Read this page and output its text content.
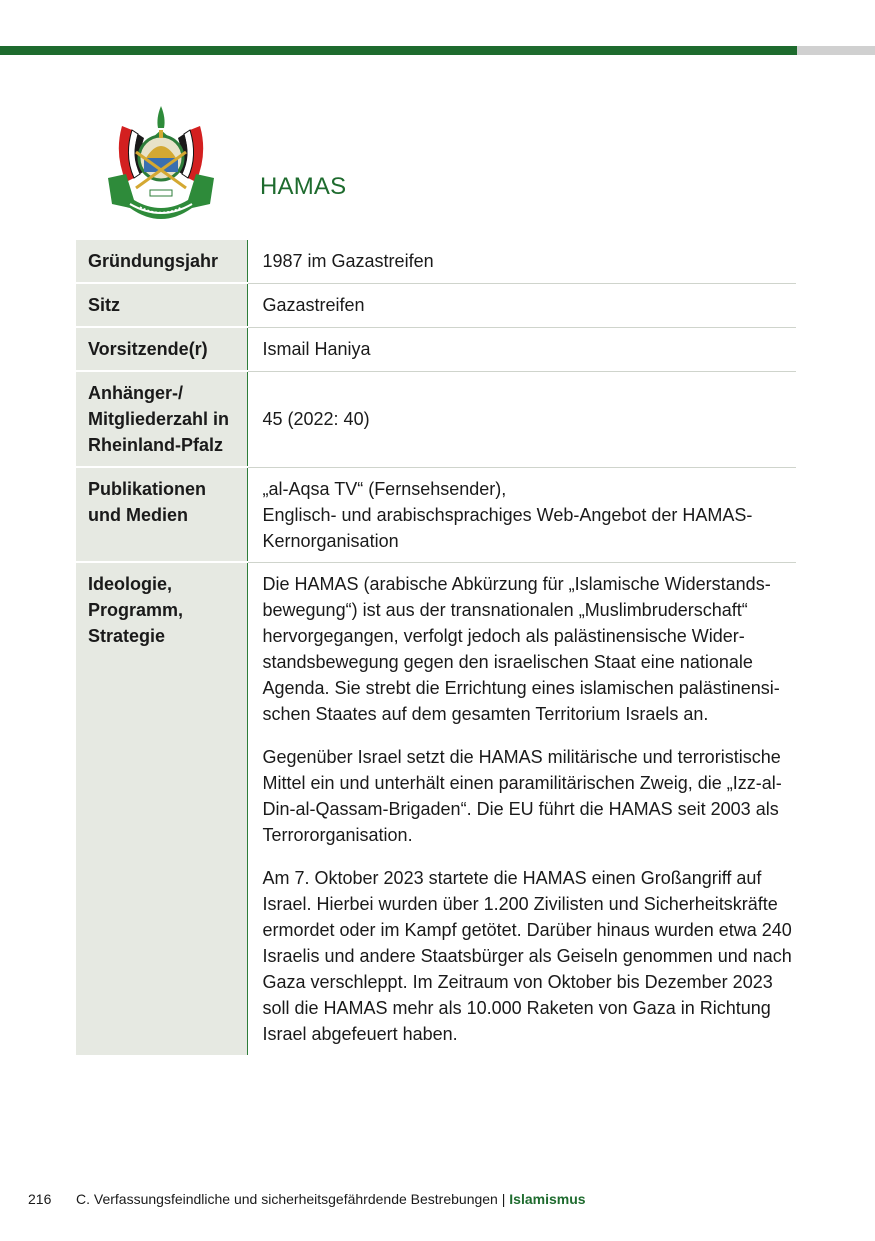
HAMAS
Gründungsjahr	1987 im Gazastreifen
Sitz	Gazastreifen
Vorsitzende(r)	Ismail Haniya
Anhänger-/ Mitgliederzahl in Rheinland-Pfalz	45 (2022: 40)
Publikationen und Medien	„al-Aqsa TV“ (Fernsehsender),
Englisch- und arabischsprachiges Web-Angebot der HAMAS-Kernorganisation

Ideologie, Programm, Strategie	Die HAMAS (arabische Abkürzung für „Islamische Widerstands-bewegung“) ist aus der transnationalen „Muslimbruderschaft“ hervorgegangen, verfolgt jedoch als palästinensische Wider-standsbewegung gegen den israelischen Staat eine nationale Agenda. Sie strebt die Errichtung eines islamischen palästinensi-schen Staates auf dem gesamten Territorium Israels an.

Gegenüber Israel setzt die HAMAS militärische und terroristische Mittel ein und unterhält einen paramilitärischen Zweig, die „Izz-al-Din-al-Qassam-Brigaden“. Die EU führt die HAMAS seit 2003 als Terrororganisation.

Am 7. Oktober 2023 startete die HAMAS einen Großangriff auf Israel. Hierbei wurden über 1.200 Zivilisten und Sicherheitskräfte ermordet oder im Kampf getötet. Darüber hinaus wurden etwa 240 Israelis und andere Staatsbürger als Geiseln genommen und nach Gaza verschleppt. Im Zeitraum von Oktober bis Dezember 2023 soll die HAMAS mehr als 10.000 Raketen von Gaza in Richtung Israel abgefeuert haben.

216 C. Verfassungsfeindliche und sicherheitsgefährdende Bestrebungen | Islamismus
